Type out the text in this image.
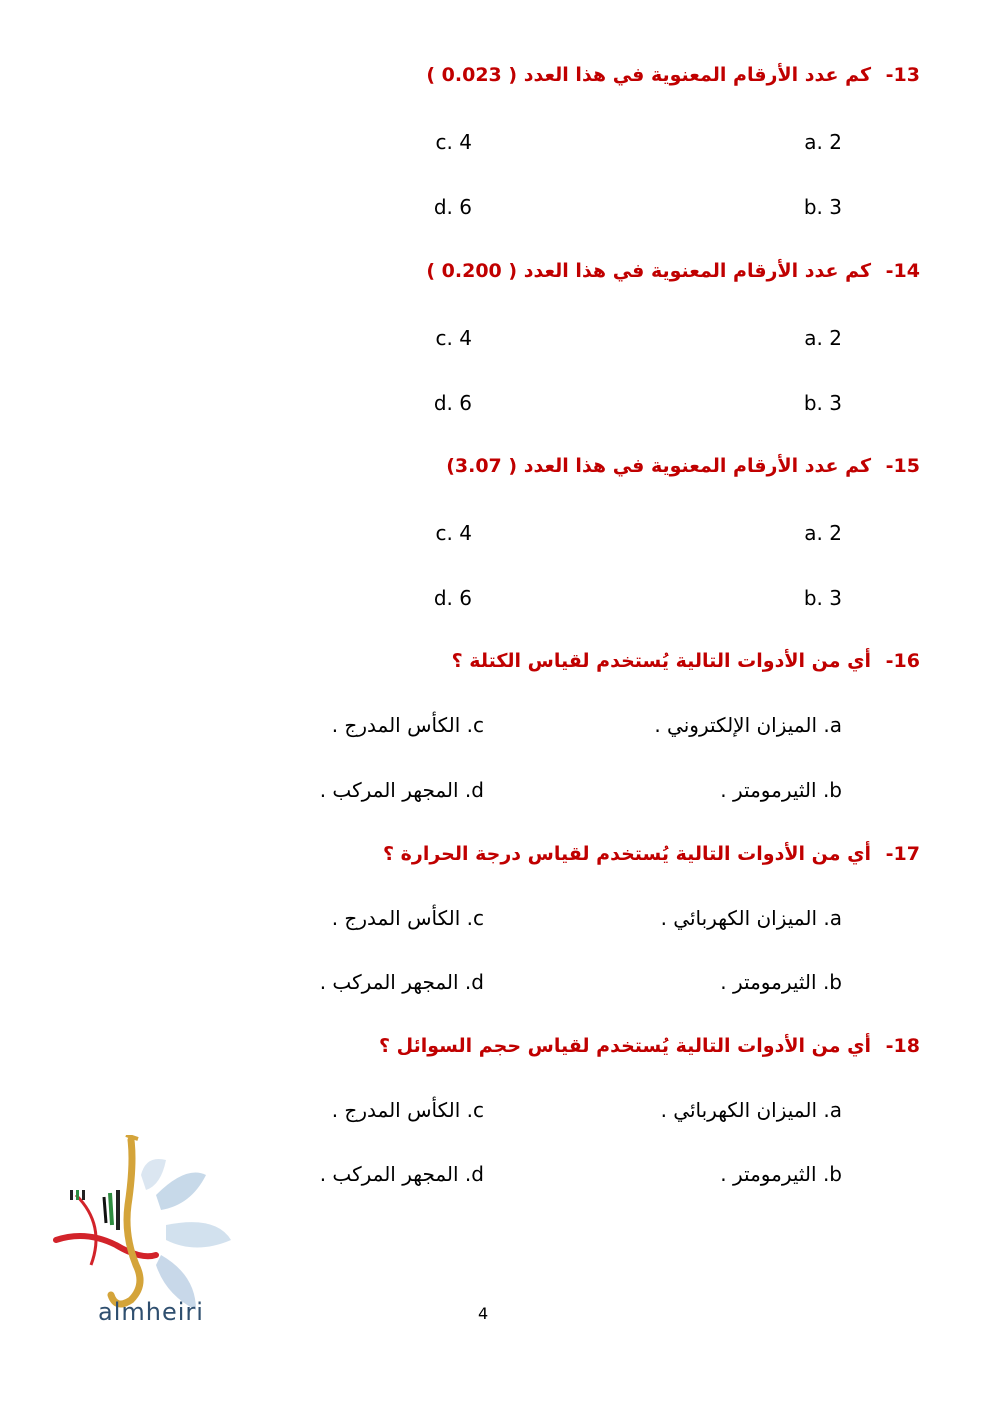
13- كم عدد الأرقام المعنوية في هذا العدد ( 0.023 )
2 .a
4 .c
3 .b
6 .d
14- كم عدد الأرقام المعنوية في هذا العدد ( 0.200 )
2 .a
4 .c
3 .b
6 .d
15- كم عدد الأرقام المعنوية في هذا العدد ( 3.07)
2 .a
4 .c
3 .b
6 .d
16- أي من الأدوات التالية يُستخدم لقياس الكتلة ؟
a. الميزان الإلكتروني .
c. الكأس المدرج .
b. الثيرمومتر .
d. المجهر المركب .
17- أي من الأدوات التالية يُستخدم لقياس درجة الحرارة ؟
a. الميزان الكهربائي .
c. الكأس المدرج .
b. الثيرمومتر .
d. المجهر المركب .
18- أي من الأدوات التالية يُستخدم لقياس حجم السوائل ؟
a. الميزان الكهربائي .
c. الكأس المدرج .
b. الثيرمومتر .
d. المجهر المركب .
almheiri	4
